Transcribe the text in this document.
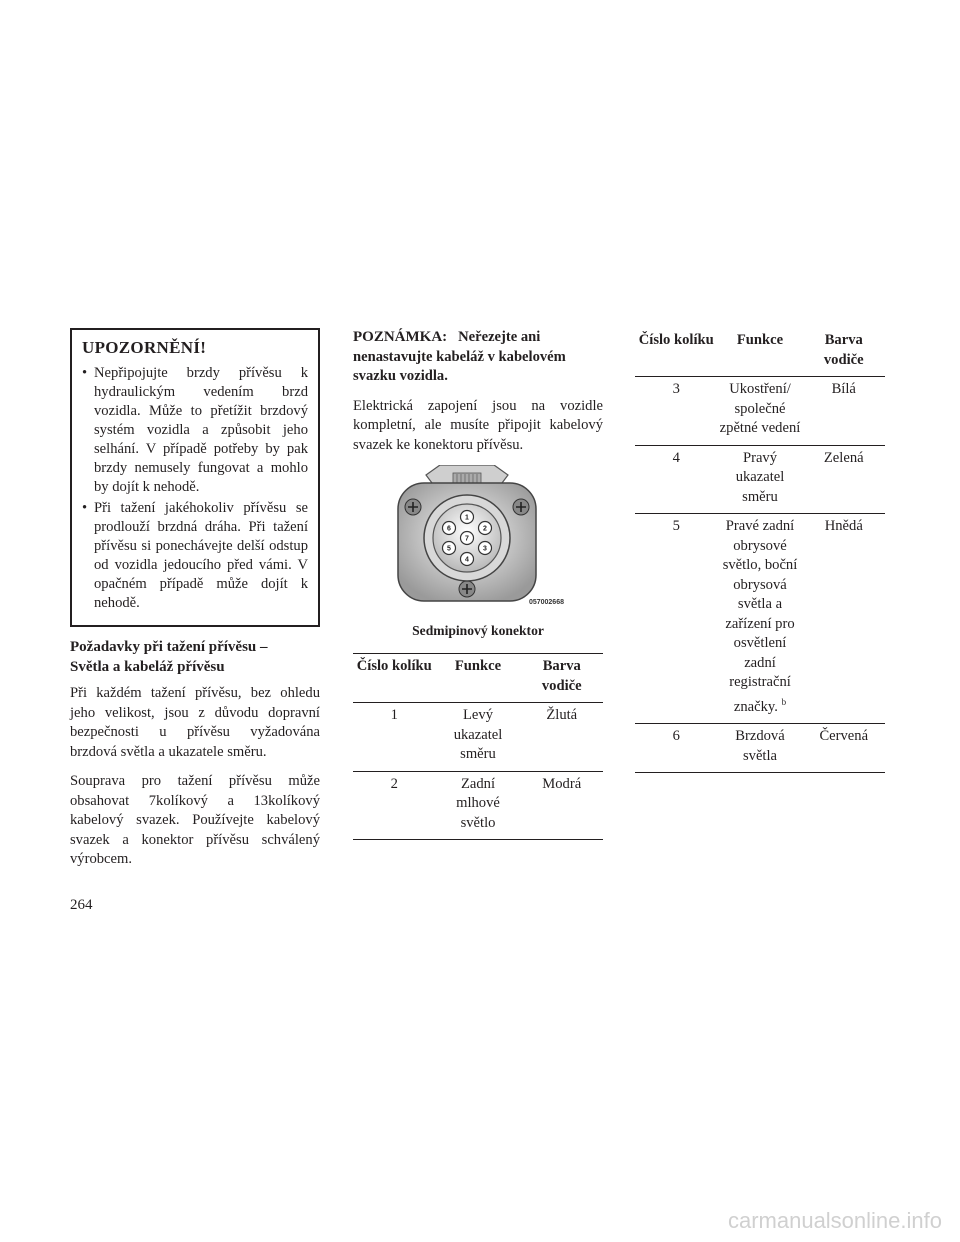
UPOZORNĚNÍ!
• Nepřipojujte brzdy přívěsu k hydraulickým vedením brzd vozidla. Může to přetížit brzdový systém vozidla a způsobit jeho selhání. V případě potřeby by pak brzdy nemusely fungovat a mohlo by dojít k nehodě.
• Při tažení jakéhokoliv přívěsu se prodlouží brzdná dráha. Při tažení přívěsu si ponechávejte delší odstup od vozidla jedoucího před vámi. V opačném případě může dojít k nehodě.
Požadavky při tažení přívěsu –
Světla a kabeláž přívěsu

Při každém tažení přívěsu, bez ohledu jeho velikost, jsou z důvodu dopravní bezpečnosti u přívěsu vyžadována brzdová světla a ukazatele směru.

Souprava pro tažení přívěsu může obsahovat 7kolíkový a 13kolíkový kabelový svazek. Používejte kabelový svazek a konektor přívěsu schválený výrobcem.

POZNÁMKA: Neřezejte ani nenastavujte kabeláž v kabelovém svazku vozidla.

Elektrická zapojení jsou na vozidle kompletní, ale musíte připojit kabelový svazek ke konektoru přívěsu.

1
2
3
4
5
6
7
057002668
Sedmipinový konektor
Číslo kolíku	Funkce	Barva vodiče
1	Levý ukazatel směru	Žlutá
2	Zadní mlhové světlo	Modrá
Číslo kolíku	Funkce	Barva vodiče
3	Ukostření/ společné zpětné vedení	Bílá
4	Pravý ukazatel směru	Zelená
5	Pravé zadní obrysové světlo, boční obrysová světla a zařízení pro osvětlení zadní registrační značky. $^b$	Hnědá
6	Brzdová světla	Červená
264
carmanualsonline.info
